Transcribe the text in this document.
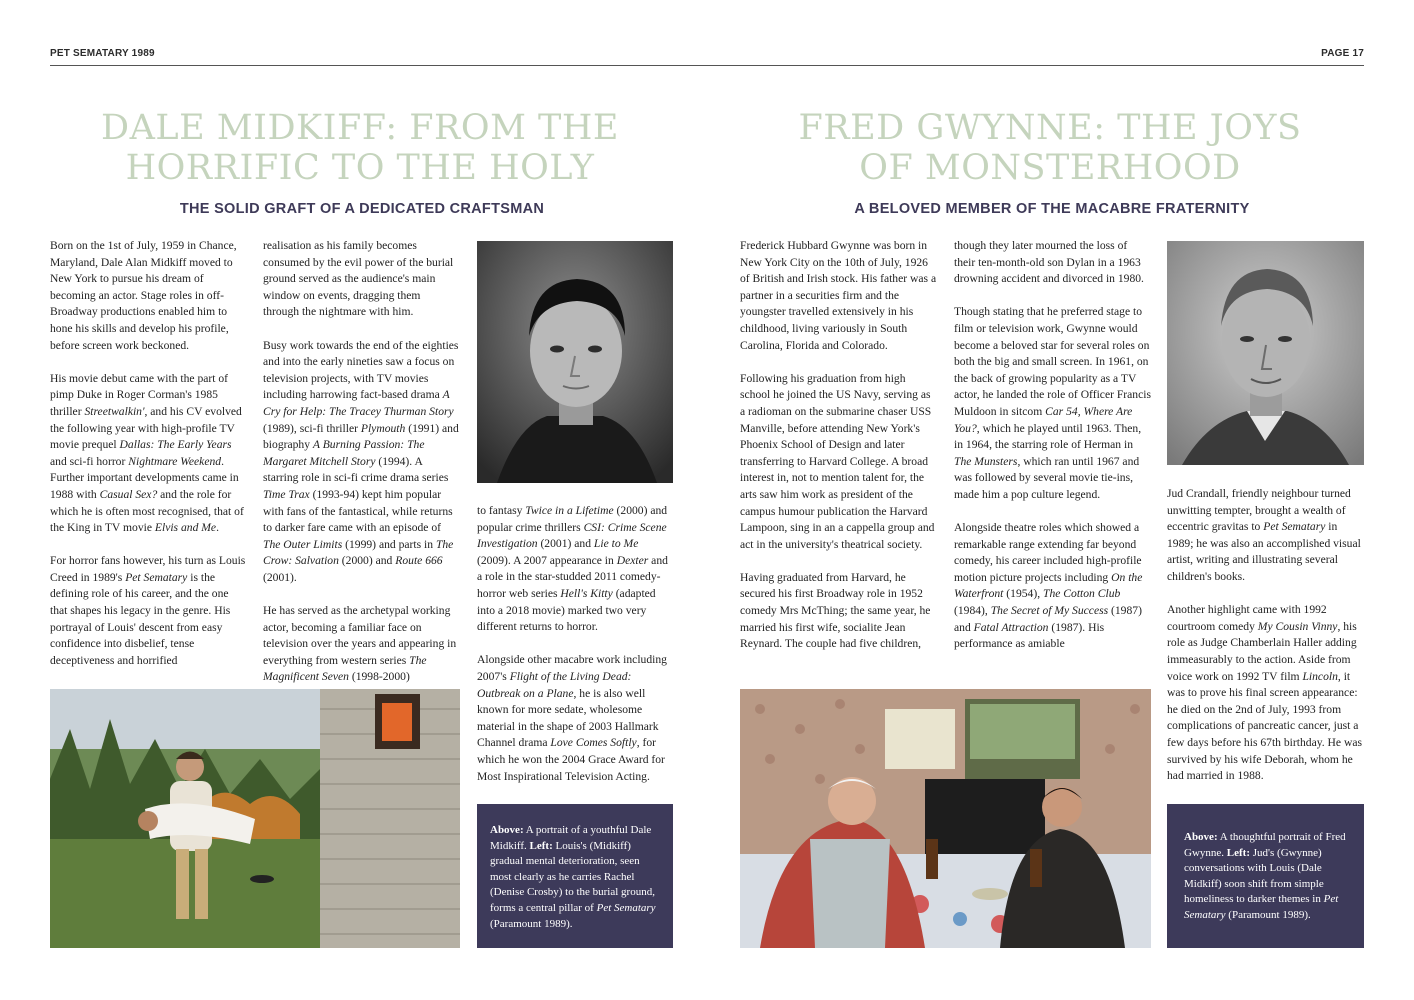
PET SEMATARY 1989	PAGE 17
DALE MIDKIFF: FROM THE HORRIFIC TO THE HOLY
THE SOLID GRAFT OF A DEDICATED CRAFTSMAN

Born on the 1st of July, 1959 in Chance, Maryland, Dale Alan Midkiff moved to New York to pursue his dream of becoming an actor. Stage roles in off-Broadway productions enabled him to hone his skills and develop his profile, before screen work beckoned.

His movie debut came with the part of pimp Duke in Roger Corman's 1985 thriller Streetwalkin', and his CV evolved the following year with high-profile TV movie prequel Dallas: The Early Years and sci-fi horror Nightmare Weekend. Further important developments came in 1988 with Casual Sex? and the role for which he is often most recognised, that of the King in TV movie Elvis and Me.

For horror fans however, his turn as Louis Creed in 1989's Pet Sematary is the defining role of his career, and the one that shapes his legacy in the genre. His portrayal of Louis' descent from easy confidence into disbelief, tense deceptiveness and horrified

realisation as his family becomes consumed by the evil power of the burial ground served as the audience's main window on events, dragging them through the nightmare with him.

Busy work towards the end of the eighties and into the early nineties saw a focus on television projects, with TV movies including harrowing fact-based drama A Cry for Help: The Tracey Thurman Story (1989), sci-fi thriller Plymouth (1991) and biography A Burning Passion: The Margaret Mitchell Story (1994). A starring role in sci-fi crime drama series Time Trax (1993-94) kept him popular with fans of the fantastical, while returns to darker fare came with an episode of The Outer Limits (1999) and parts in The Crow: Salvation (2000) and Route 666 (2001).

He has served as the archetypal working actor, becoming a familiar face on television over the years and appearing in everything from western series The Magnificent Seven (1998-2000)

to fantasy Twice in a Lifetime (2000) and popular crime thrillers CSI: Crime Scene Investigation (2001) and Lie to Me (2009). A 2007 appearance in Dexter and a role in the star-studded 2011 comedy-horror web series Hell's Kitty (adapted into a 2018 movie) marked two very different returns to horror.

Alongside other macabre work including 2007's Flight of the Living Dead: Outbreak on a Plane, he is also well known for more sedate, wholesome material in the shape of 2003 Hallmark Channel drama Love Comes Softly, for which he won the 2004 Grace Award for Most Inspirational Television Acting.

Above: A portrait of a youthful Dale Midkiff. Left: Louis's (Midkiff) gradual mental deterioration, seen most clearly as he carries Rachel (Denise Crosby) to the burial ground, forms a central pillar of Pet Sematary (Paramount 1989).
FRED GWYNNE: THE JOYS OF MONSTERHOOD
A BELOVED MEMBER OF THE MACABRE FRATERNITY

Frederick Hubbard Gwynne was born in New York City on the 10th of July, 1926 of British and Irish stock. His father was a partner in a securities firm and the youngster travelled extensively in his childhood, living variously in South Carolina, Florida and Colorado.

Following his graduation from high school he joined the US Navy, serving as a radioman on the submarine chaser USS Manville, before attending New York's Phoenix School of Design and later transferring to Harvard College. A broad interest in, not to mention talent for, the arts saw him work as president of the campus humour publication the Harvard Lampoon, sing in an a cappella group and act in the university's theatrical society.

Having graduated from Harvard, he secured his first Broadway role in 1952 comedy Mrs McThing; the same year, he married his first wife, socialite Jean Reynard. The couple had five children,

though they later mourned the loss of their ten-month-old son Dylan in a 1963 drowning accident and divorced in 1980.

Though stating that he preferred stage to film or television work, Gwynne would become a beloved star for several roles on both the big and small screen. In 1961, on the back of growing popularity as a TV actor, he landed the role of Officer Francis Muldoon in sitcom Car 54, Where Are You?, which he played until 1963. Then, in 1964, the starring role of Herman in The Munsters, which ran until 1967 and was followed by several movie tie-ins, made him a pop culture legend.

Alongside theatre roles which showed a remarkable range extending far beyond comedy, his career included high-profile motion picture projects including On the Waterfront (1954), The Cotton Club (1984), The Secret of My Success (1987) and Fatal Attraction (1987). His performance as amiable

Jud Crandall, friendly neighbour turned unwitting tempter, brought a wealth of eccentric gravitas to Pet Sematary in 1989; he was also an accomplished visual artist, writing and illustrating several children's books.

Another highlight came with 1992 courtroom comedy My Cousin Vinny, his role as Judge Chamberlain Haller adding immeasurably to the action. Aside from voice work on 1992 TV film Lincoln, it was to prove his final screen appearance: he died on the 2nd of July, 1993 from complications of pancreatic cancer, just a few days before his 67th birthday. He was survived by his wife Deborah, whom he had married in 1988.

Above: A thoughtful portrait of Fred Gwynne. Left: Jud's (Gwynne) conversations with Louis (Dale Midkiff) soon shift from simple homeliness to darker themes in Pet Sematary (Paramount 1989).
